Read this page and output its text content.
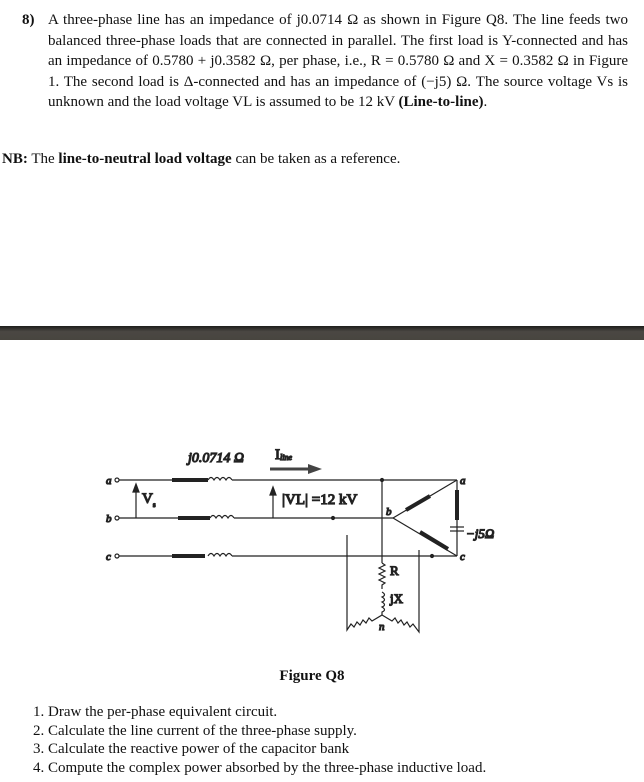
8) A three-phase line has an impedance of j0.0714 Ω as shown in Figure Q8. The line feeds two balanced three-phase loads that are connected in parallel. The first load is Y-connected and has an impedance of 0.5780 + j0.3582 Ω, per phase, i.e., R = 0.5780 Ω and X = 0.3582 Ω in Figure 1. The second load is Δ-connected and has an impedance of (−j5) Ω. The source voltage Vs is unknown and the load voltage VL is assumed to be 12 kV (Line-to-line).
NB: The line-to-neutral load voltage can be taken as a reference.
j0.0714 Ω Iline
$V_s$	|VL| =12 kV
a
b
c
a
b
c
−j5Ω
R
jX
n
Figure Q8
1. Draw the per-phase equivalent circuit.
2. Calculate the line current of the three-phase supply.
3. Calculate the reactive power of the capacitor bank
4. Compute the complex power absorbed by the three-phase inductive load.
